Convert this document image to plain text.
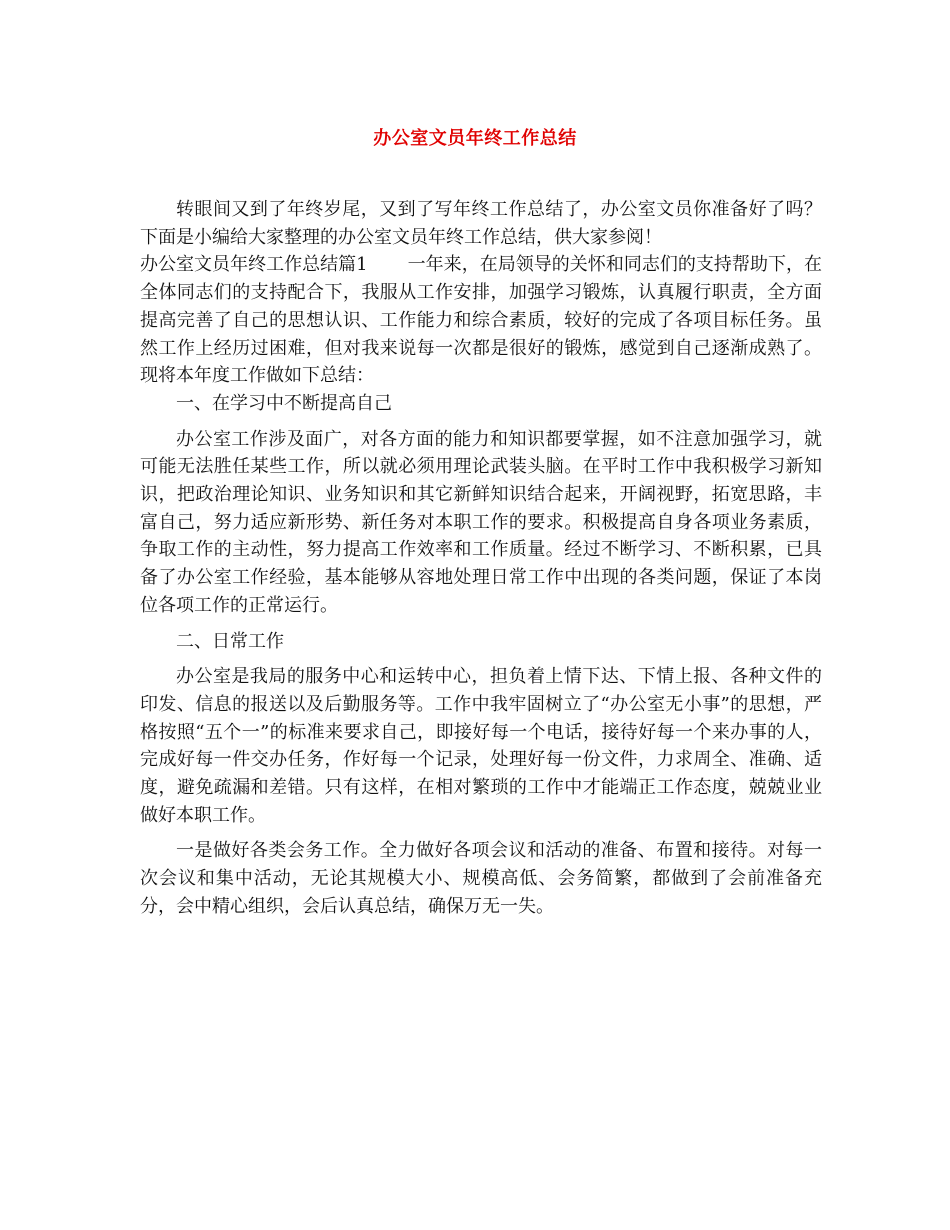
办公室文员年终工作总结

转眼间又到了年终岁尾，又到了写年终工作总结了，办公室文员你准备好了吗？下面是小编给大家整理的办公室文员年终工作总结，供大家参阅！

办公室文员年终工作总结篇1 一年来，在局领导的关怀和同志们的支持帮助下，在全体同志们的支持配合下，我服从工作安排，加强学习锻炼，认真履行职责，全方面提高完善了自己的思想认识、工作能力和综合素质，较好的完成了各项目标任务。虽然工作上经历过困难，但对我来说每一次都是很好的锻炼，感觉到自己逐渐成熟了。现将本年度工作做如下总结：

一、在学习中不断提高自己

办公室工作涉及面广，对各方面的能力和知识都要掌握，如不注意加强学习，就可能无法胜任某些工作，所以就必须用理论武装头脑。在平时工作中我积极学习新知识，把政治理论知识、业务知识和其它新鲜知识结合起来，开阔视野，拓宽思路，丰富自己，努力适应新形势、新任务对本职工作的要求。积极提高自身各项业务素质，争取工作的主动性，努力提高工作效率和工作质量。经过不断学习、不断积累，已具备了办公室工作经验，基本能够从容地处理日常工作中出现的各类问题，保证了本岗位各项工作的正常运行。

二、日常工作

办公室是我局的服务中心和运转中心，担负着上情下达、下情上报、各种文件的印发、信息的报送以及后勤服务等。工作中我牢固树立了“办公室无小事”的思想，严格按照“五个一”的标准来要求自己，即接好每一个电话，接待好每一个来办事的人，完成好每一件交办任务，作好每一个记录，处理好每一份文件，力求周全、准确、适度，避免疏漏和差错。只有这样，在相对繁琐的工作中才能端正工作态度，兢兢业业做好本职工作。

一是做好各类会务工作。全力做好各项会议和活动的准备、布置和接待。对每一次会议和集中活动，无论其规模大小、规模高低、会务简繁，都做到了会前准备充分，会中精心组织，会后认真总结，确保万无一失。
